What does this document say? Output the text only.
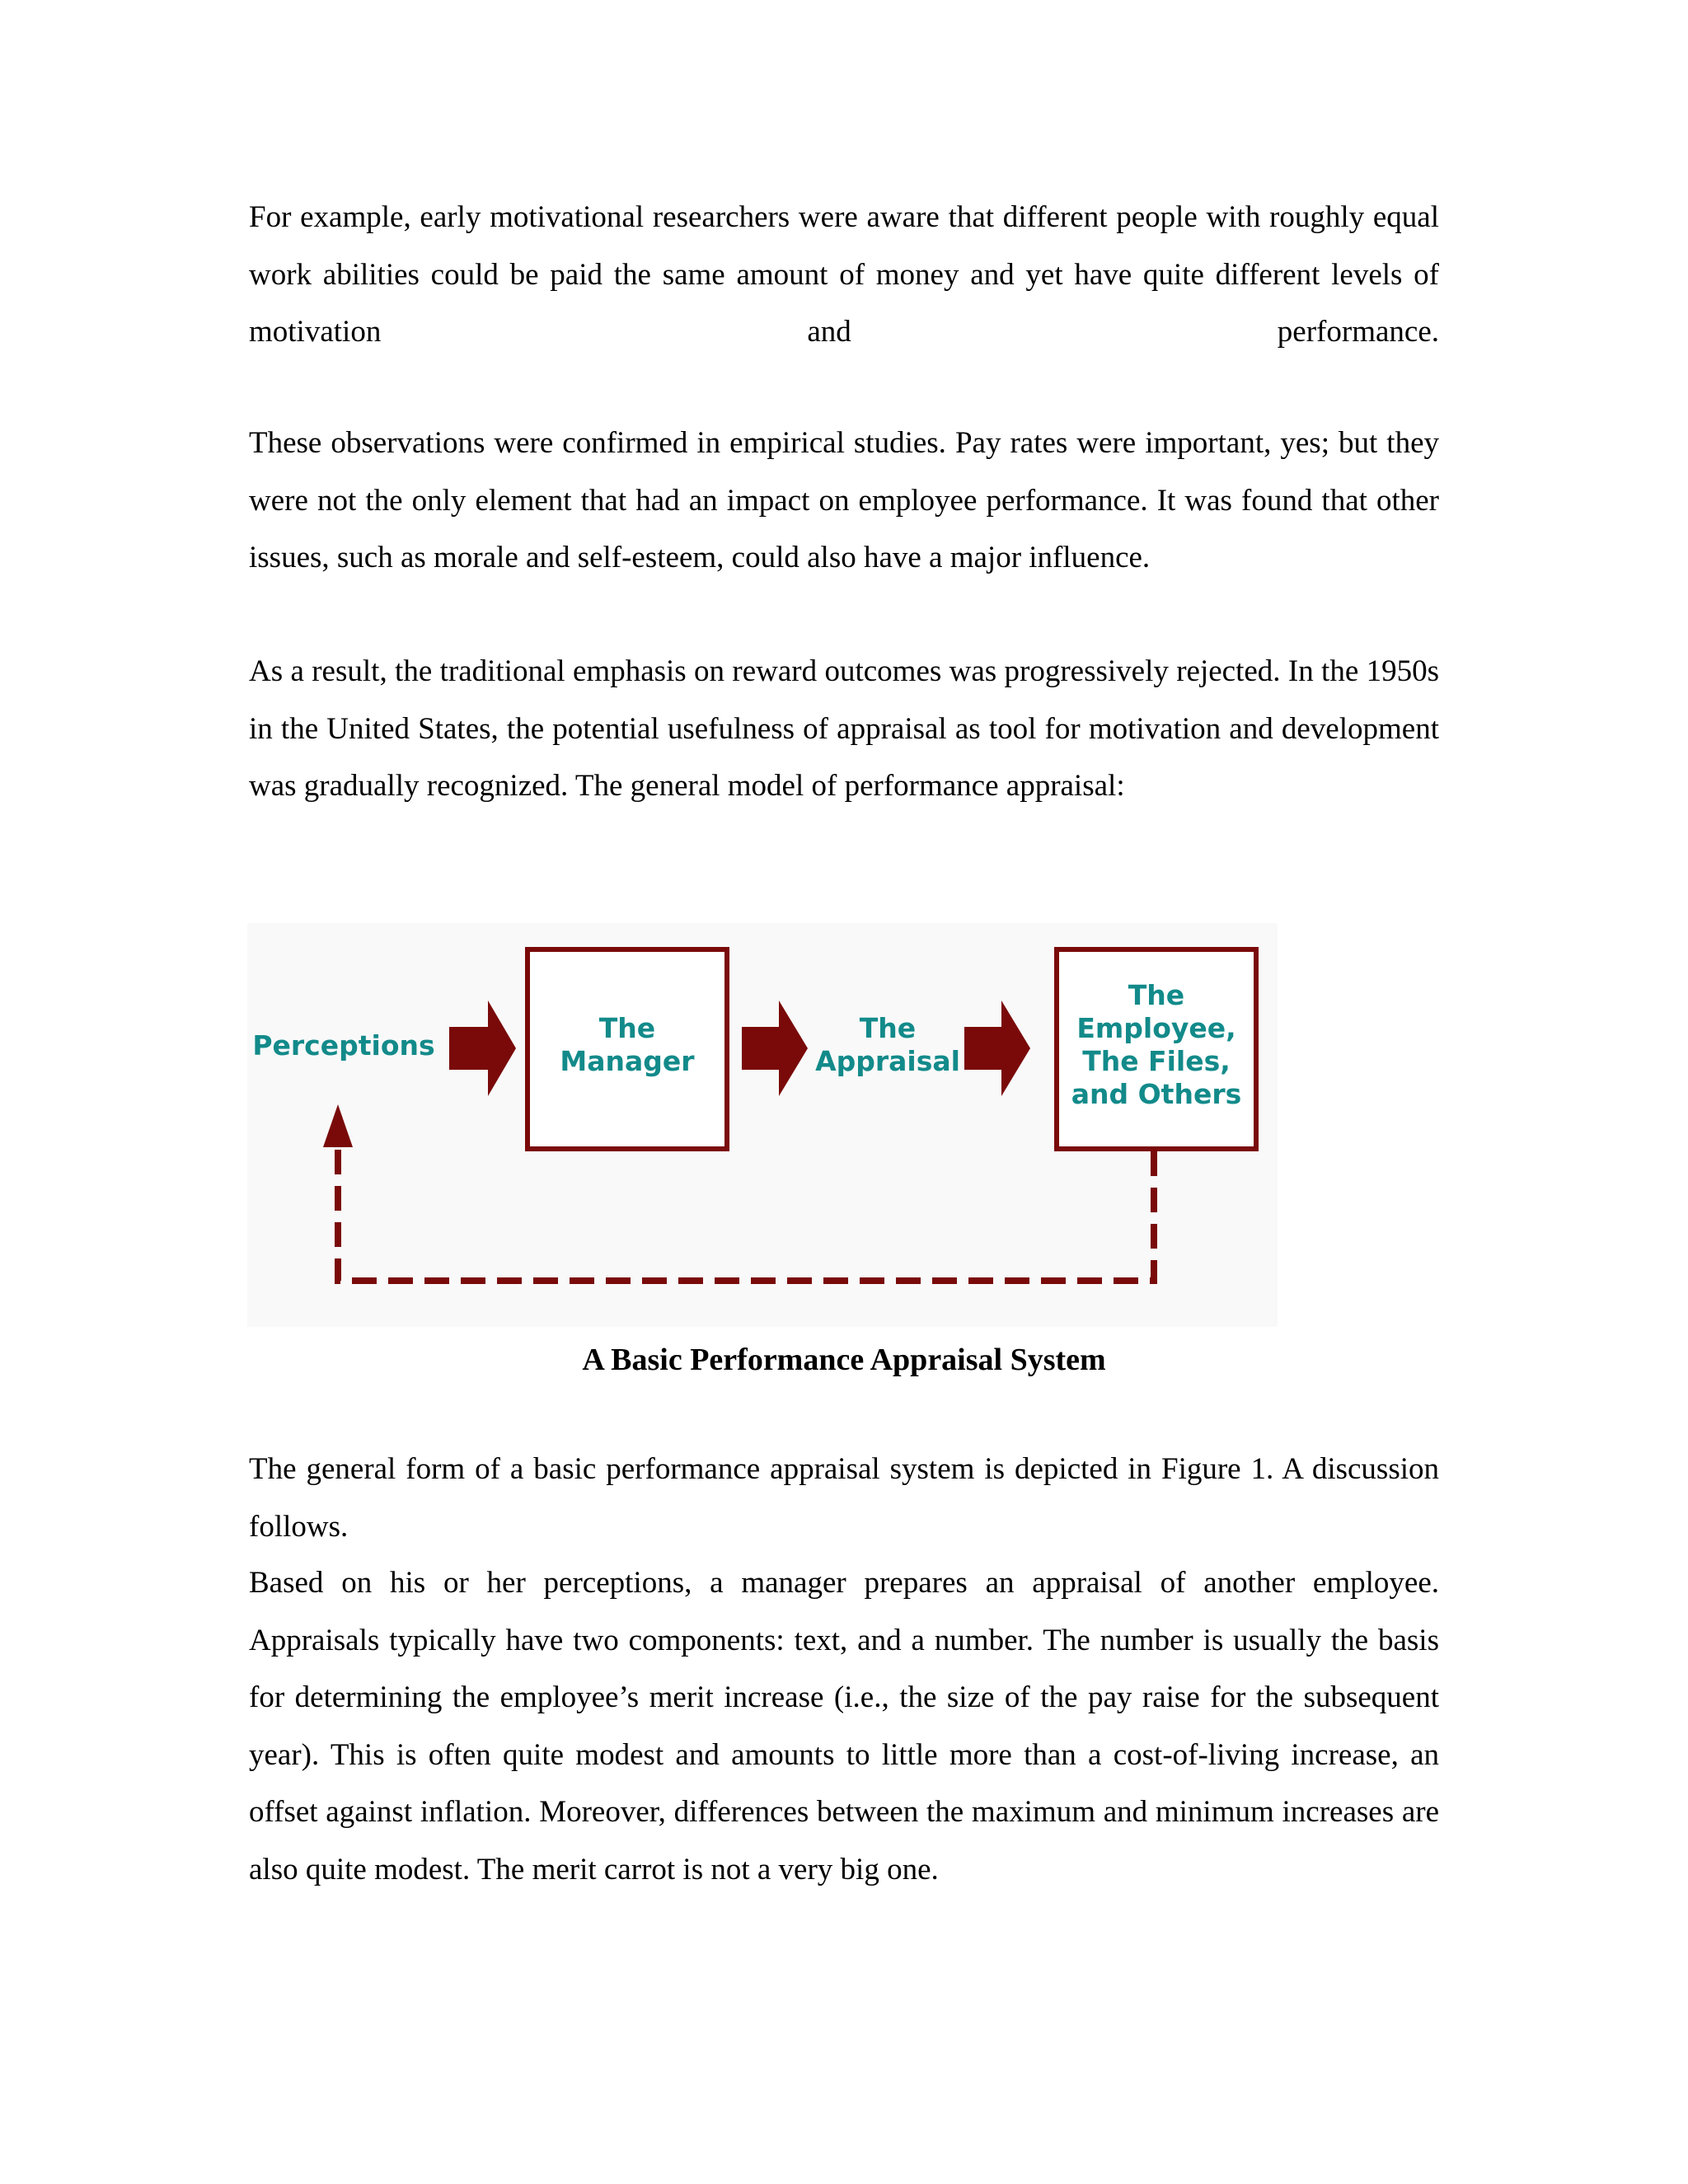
For example, early motivational researchers were aware that different people with roughly equal work abilities could be paid the same amount of money and yet have quite different levels of motivation and performance.

These observations were confirmed in empirical studies. Pay rates were important, yes; but they were not the only element that had an impact on employee performance. It was found that other issues, such as morale and self-esteem, could also have a major influence.

As a result, the traditional emphasis on reward outcomes was progressively rejected. In the 1950s in the United States, the potential usefulness of appraisal as tool for motivation and development was gradually recognized. The general model of performance appraisal:

Perceptions
The
Manager
The
Appraisal
The
Employee,
The Files,
and Others

A Basic Performance Appraisal System

The general form of a basic performance appraisal system is depicted in Figure 1. A discussion follows.

Based on his or her perceptions, a manager prepares an appraisal of another employee. Appraisals typically have two components: text, and a number. The number is usually the basis for determining the employee’s merit increase (i.e., the size of the pay raise for the subsequent year). This is often quite modest and amounts to little more than a cost-of-living increase, an offset against inflation. Moreover, differences between the maximum and minimum increases are also quite modest. The merit carrot is not a very big one.
